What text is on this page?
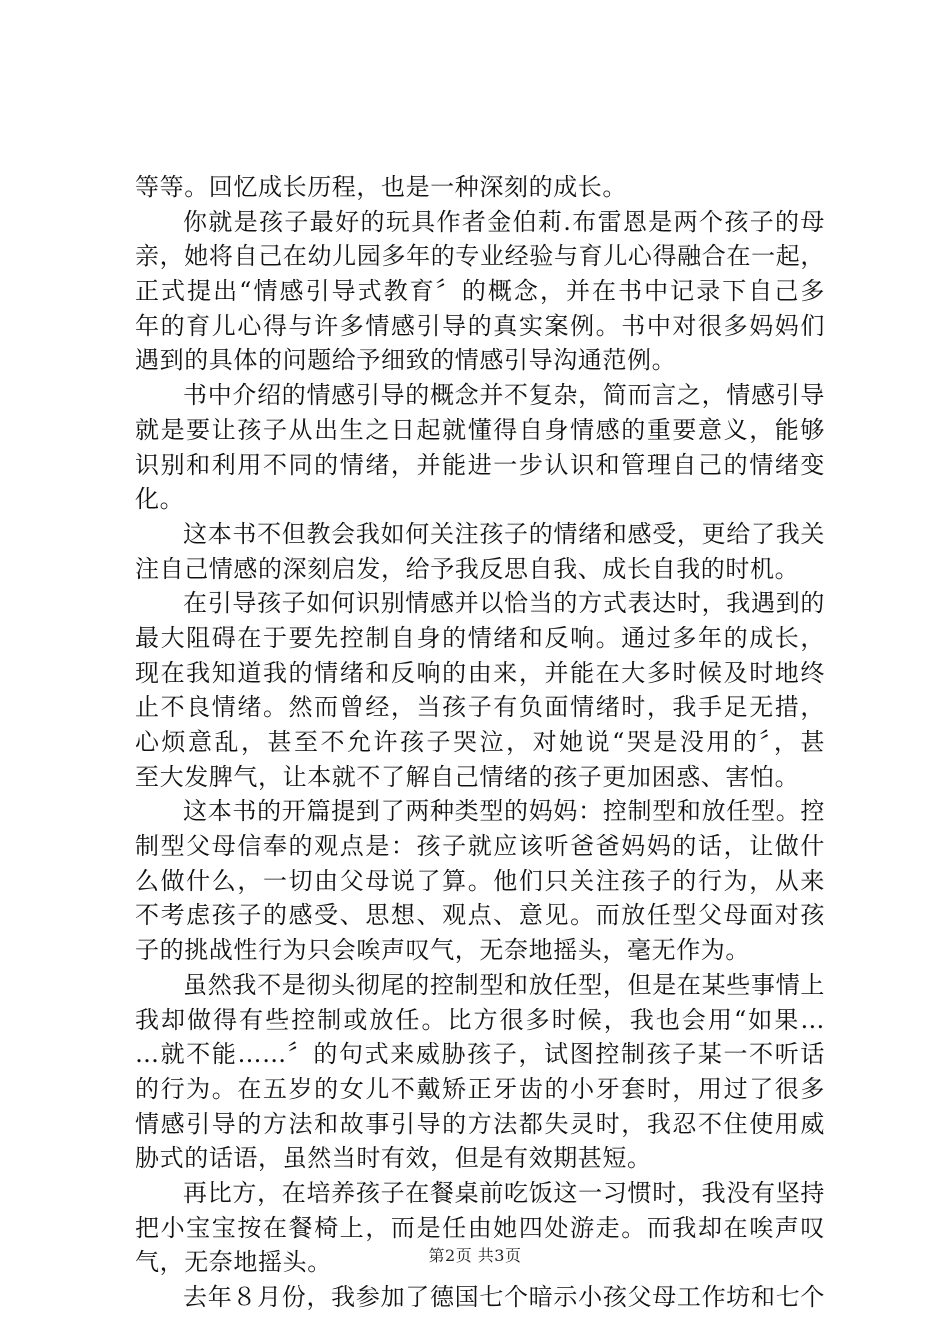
等等。回忆成长历程，也是一种深刻的成长。
你就是孩子最好的玩具作者金伯莉.布雷恩是两个孩子的母
亲，她将自己在幼儿园多年的专业经验与育儿心得融合在一起，
正式提出“情感引导式教育〞的概念，并在书中记录下自己多
年的育儿心得与许多情感引导的真实案例。书中对很多妈妈们
遇到的具体的问题给予细致的情感引导沟通范例。
书中介绍的情感引导的概念并不复杂，简而言之，情感引导
就是要让孩子从出生之日起就懂得自身情感的重要意义，能够
识别和利用不同的情绪，并能进一步认识和管理自己的情绪变
化。
这本书不但教会我如何关注孩子的情绪和感受，更给了我关
注自己情感的深刻启发，给予我反思自我、成长自我的时机。
在引导孩子如何识别情感并以恰当的方式表达时，我遇到的
最大阻碍在于要先控制自身的情绪和反响。通过多年的成长，
现在我知道我的情绪和反响的由来，并能在大多时候及时地终
止不良情绪。然而曾经，当孩子有负面情绪时，我手足无措，
心烦意乱，甚至不允许孩子哭泣，对她说“哭是没用的〞，甚
至大发脾气，让本就不了解自己情绪的孩子更加困惑、害怕。
这本书的开篇提到了两种类型的妈妈：控制型和放任型。控
制型父母信奉的观点是：孩子就应该听爸爸妈妈的话，让做什
么做什么，一切由父母说了算。他们只关注孩子的行为，从来
不考虑孩子的感受、思想、观点、意见。而放任型父母面对孩
子的挑战性行为只会唉声叹气，无奈地摇头，毫无作为。
虽然我不是彻头彻尾的控制型和放任型，但是在某些事情上
我却做得有些控制或放任。比方很多时候，我也会用“如果…
…就不能……〞的句式来威胁孩子，试图控制孩子某一不听话
的行为。在五岁的女儿不戴矫正牙齿的小牙套时，用过了很多
情感引导的方法和故事引导的方法都失灵时，我忍不住使用威
胁式的话语，虽然当时有效，但是有效期甚短。
再比方，在培养孩子在餐桌前吃饭这一习惯时，我没有坚持
把小宝宝按在餐椅上，而是任由她四处游走。而我却在唉声叹
气，无奈地摇头。
去年８月份，我参加了德国七个暗示小孩父母工作坊和七个
第2页 共3页
